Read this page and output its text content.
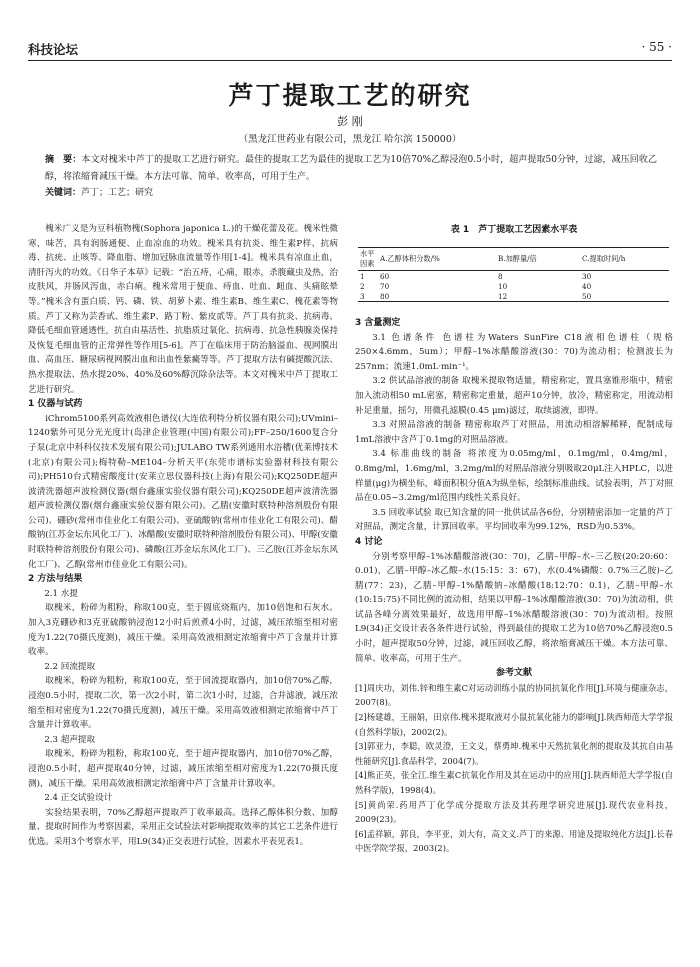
科技论坛	· 55 ·
芦丁提取工艺的研究
彭 刚
（黑龙江世药业有限公司，黑龙江 哈尔滨 150000）
摘　要：本文对槐米中芦丁的提取工艺进行研究。最佳的提取工艺为最佳的提取工艺为10倍70%乙醇浸泡0.5小时，超声提取50分钟，过滤，减压回收乙醇，将浓缩膏减压干燥。本方法可靠、简单、收率高，可用于生产。
关键词：芦丁；工艺；研究

槐米广义是为豆科植物槐(Sophora japonica L.)的干燥花蕾及花。槐米性微寒，味苦，具有润肠通便、止血凉血的功效。槐米具有抗炎、维生素P样、抗病毒、抗疣、止咳等、降血脂、增加冠脉血流量等作用[1-4]。槐米具有凉血止血，清肝泻火的功效。《日华子本草》记载：“治五痔，心痛，眼赤，杀腹藏虫及热，治皮肤风，并肠风泻血，赤白痢。槐米常用于便血、痔血、吐血、衄血、头痛眩晕等。”槐米含有蛋白质、钙、磷、铁、胡萝卜素、维生素B、维生素C、槐花素等物质。芦丁又称为芸香甙、维生素P、路丁粉、紫皮贰等。芦丁具有抗炎、抗病毒、降低毛细血管通透性，抗自由基活性、抗脂质过氧化、抗病毒、抗急性胰腺炎保持及恢复毛细血管的正常弹性等作用[5-6]。芦丁在临床用于防治脑溢血、视网膜出血、高血压、糖尿病视网膜出血和出血性紫癜等等。芦丁提取方法有碱提酸沉法、热水提取法、热水提20%、40%及60%醇沉除杂法等。本文对槐米中芦丁提取工艺进行研究。

1 仪器与试药

iChrom5100系列高效液相色谱仪(大连依利特分析仪器有限公司);UVmini–1240紫外可见分光光度计(岛津企业管理(中国)有限公司);FF–250/1600复合分子泵(北京中科科仪技术发展有限公司);JULABO TW系列通用水浴槽(优莱博技术(北京)有限公司);梅特勒–ME104–分析天平(东莞市谱标实验器材科技有限公司);PH510台式精密酸度计(安莱立思仪器科技(上海)有限公司);KQ250DE超声波清洗器超声波检测仪器(烟台鑫康实验仪器有限公司);KQ250DE超声波清洗器超声波检测仪器(烟台鑫康实验仪器有限公司)。乙腈(安徽时联特种溶剂股份有限公司)、硼砂(常州市佳业化工有限公司)、亚硫酸钠(常州市佳业化工有限公司)、醋酸钠(江苏金坛东风化工厂)、冰醋酸(安徽时联特种溶剂股份有限公司)、甲醇(安徽时联特种溶剂股份有限公司)、磷酸(江苏金坛东风化工厂)、三乙胺(江苏金坛东风化工厂)、乙醇(常州市佳业化工有限公司)。

2 方法与结果
2.1 水提

取槐米，粉碎为粗粉，称取100克，至于圆底烧瓶内，加10倍饱和石灰水。加入3克硼砂和3克亚硫酸钠浸泡12小时后煎煮4小时，过滤，减压浓缩至相对密度为1.22(70摄氏度测)，减压干燥。采用高效液相测定浓缩膏中芦丁含量并计算收率。

2.2 回流提取

取槐米，粉碎为粗粉，称取100克，至于回流提取器内，加10倍70%乙醇，浸泡0.5小时，提取二次，第一次2小时，第二次1小时，过滤，合并滤液，减压浓缩至相对密度为1.22(70摄氏度测)，减压干燥。采用高效液相测定浓缩膏中芦丁含量并计算收率。

2.3 超声提取

取槐米，粉碎为粗粉，称取100克，至于超声提取器内，加10倍70%乙醇，浸泡0.5小时，超声提取40分钟，过滤，减压浓缩至相对密度为1.22(70摄氏度测)，减压干燥。采用高效液相测定浓缩膏中芦丁含量并计算收率。

2.4 正交试验设计

实验结果表明，70%乙醇超声提取芦丁收率最高。选择乙醇体积分数、加醇量、提取时间作为考察因素，采用正交试验法对影响提取效率的其它工艺条件进行优选。采用3个考察水平，用L9(34)正交表进行试验，因素水平表见表1。

表 1　芦丁提取工艺因素水平表
水平因素	A.乙醇体积分数/%	B.加醇量/倍	C.提取时间/h
1	60	8	30
2	70	10	40
3	80	12	50
3 含量测定

3.1 色谱条件 色谱柱为Waters SunFire C18液相色谱柱（规格250×4.6mm，5um）；甲醇–1%冰醋酸溶液(30：70)为流动相；检测波长为257nm；流速1.0mL·min⁻¹。

3.2 供试品溶液的制备 取槐米提取物适量，精密称定，置具塞锥形瓶中，精密加入流动相50 mL密塞，精密称定重量，超声10分钟，放冷，精密称定，用流动相补足重量，摇匀，用微孔滤膜(0.45 μm)滤过，取续滤液，即得。

3.3 对照品溶液的制备 精密称取芦丁对照品，用流动相溶解稀释，配制成每1mL溶液中含芦丁0.1mg的对照品溶液。

3.4 标准曲线的制备 将浓度为0.05mg/ml，0.1mg/ml，0.4mg/ml，0.8mg/ml，1.6mg/ml，3.2mg/ml的对照品溶液分别吸取20μL注入HPLC，以进样量(μg)为横坐标，峰面积积分值A为纵坐标，绘制标准曲线。试验表明，芦丁对照品在0.05~3.2mg/ml范围内线性关系良好。

3.5 回收率试验 取已知含量的同一批供试品各6份，分别精密添加一定量的芦丁对照品，测定含量，计算回收率。平均回收率为99.12%，RSD为0.53%。

4 讨论

分别考察甲醇–1%冰醋酸溶液(30：70)，乙腈–甲醇–水–三乙胺(20:20:60：0.01)，乙腈–甲醇–冰乙酸–水(15:15：3：67)，水(0.4%磷酸：0.7%三乙胺)–乙腈(77：23)，乙腈–甲醇–1%醋酸钠–冰醋酸(18:12:70：0.1)，乙腈–甲醇–水(10:15:75)不同比例的流动相，结果以甲醇–1%冰醋酸溶液(30：70)为流动相，供试品各峰分离效果最好，故选用甲醇–1%冰醋酸溶液(30：70)为流动相。按照L9(34)正交设计表各条件进行试验，得到最佳的提取工艺为10倍70%乙醇浸泡0.5小时，超声提取50分钟，过滤，减压回收乙醇，将浓缩膏减压干燥。本方法可靠、简单、收率高，可用于生产。

参考文献
[1]周庆功，刘伟.锌和维生素C对运动训练小鼠的协同抗氧化作用[J].环境与健康杂志，2007(8)。
[2]杨建雄，王丽娟，田京伟.槐米提取液对小鼠抗氧化能力的影响[J].陕西师范大学学报(自然科学版)，2002(2)。
[3]郭亚力，李聪，欧灵澄，王文义，蔡勇坤.槐米中天然抗氧化剂的提取及其抗自由基性能研究[J].食品科学，2004(7)。
[4]熊正英，张全江.维生素C抗氧化作用及其在运动中的应用[J].陕西师范大学学报(自然科学版)，1998(4)。
[5]黄尚荣.药用芦丁化学成分提取方法及其药理学研究进展[J].现代农业科技，2009(23)。
[6]孟祥颖，郭良，李平亚，刘大有，高文义.芦丁的来源、用途及提取纯化方法[J].长春中医学院学报，2003(2)。
